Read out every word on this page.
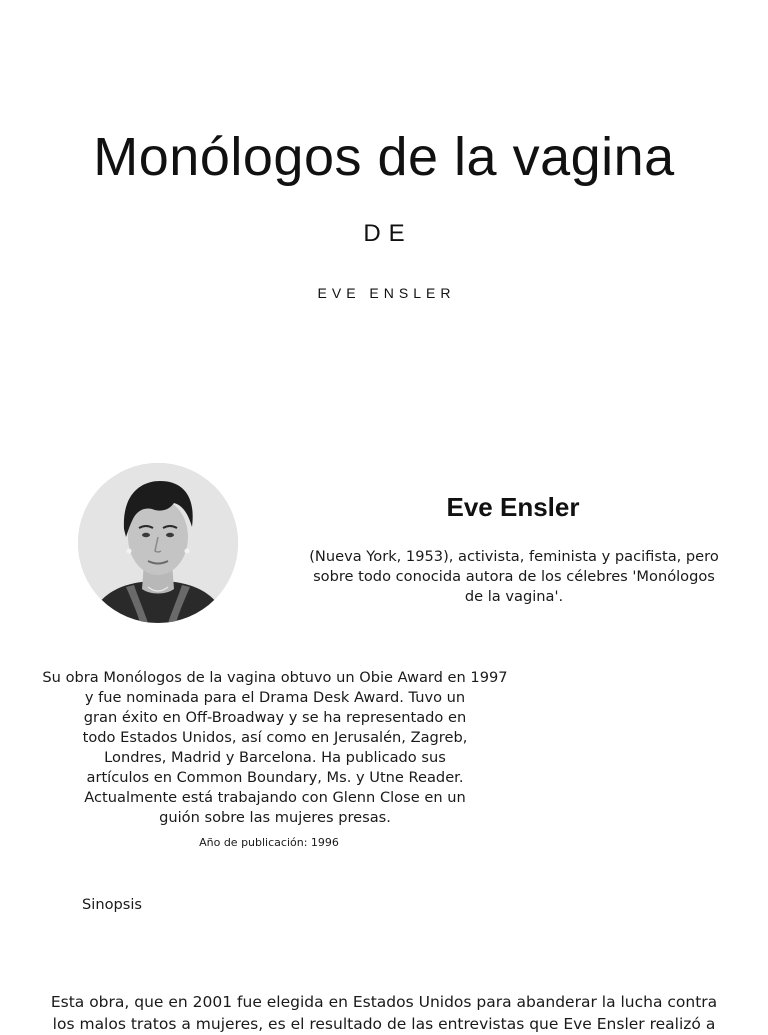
Monólogos de la vagina
DE
EVE ENSLER
Eve Ensler
(Nueva York, 1953), activista, feminista y pacifista, pero sobre todo conocida autora de los célebres 'Monólogos de la vagina'.
Su obra Monólogos de la vagina obtuvo un Obie Award en 1997
y fue nominada para el Drama Desk Award. Tuvo un
gran éxito en Off-Broadway y se ha representado en
todo Estados Unidos, así como en Jerusalén, Zagreb,
Londres, Madrid y Barcelona. Ha publicado sus
artículos en Common Boundary, Ms. y Utne Reader.
Actualmente está trabajando con Glenn Close en un
guión sobre las mujeres presas.
Año de publicación: 1996
Sinopsis
Esta obra, que en 2001 fue elegida en Estados Unidos para abanderar la lucha contra
los malos tratos a mujeres, es el resultado de las entrevistas que Eve Ensler realizó a
